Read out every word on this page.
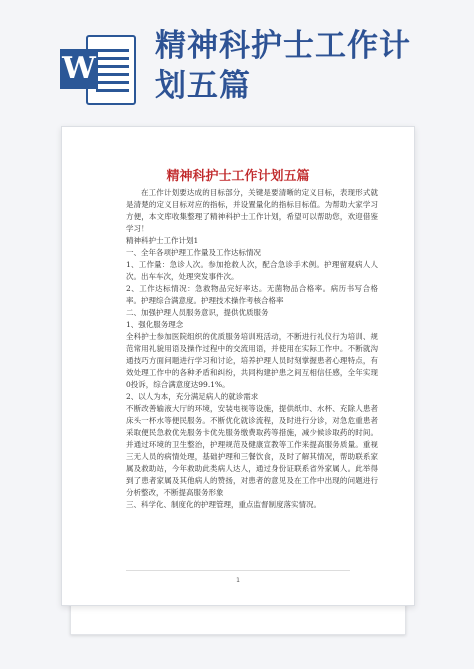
W
精神科护士工作计
划五篇
精神科护士工作计划五篇

在工作计划要达成的目标部分，关键是要清晰的定义目标，表现形式就是清楚的定义目标对应的指标，并设置量化的指标目标值。为帮助大家学习方便，本文库收集整理了精神科护士工作计划，希望可以帮助您，欢迎借鉴学习！

精神科护士工作计划1

一、全年各项护理工作量及工作达标情况

1、工作量：急诊人次。参加抢救人次，配合急诊手术例。护理留观病人人次。出车车次，处理突发事件次。

2、工作达标情况：急救物品完好率达。无菌物品合格率。病历书写合格率。护理综合满意度。护理技术操作考核合格率

二、加强护理人员服务意识，提供优质服务

1、强化服务理念

全科护士参加医院组织的优质服务培训班活动，不断进行礼仪行为培训、规范常用礼貌用语及操作过程中的交流用语，并使用在实际工作中。不断就沟通技巧方面问题进行学习和讨论，培养护理人员时刻掌握患者心理特点，有效处理工作中的各种矛盾和纠纷，共同构建护患之间互相信任感，全年实现0投诉，综合满意度达99.1%。

2、以人为本，充分满足病人的就诊需求

不断改善输液大厅的环境，安装电视等设施，提供纸巾、水杯、充除人患者床头一杯水等便民服务。不断优化就诊流程，及时进行分诊，对急危重患者采取便民急救优先服务卡优先服务缴费取药等措施，减少候诊取药的时间。并通过环境的卫生整治，护理规范及健康宣教等工作来提高服务质量。重视三无人员的病情处理，基础护理和三餐饮食，及时了解其情况，帮助联系家属及救助站，今年救助此类病人达人，通过身份证联系省外家属人。此举得到了患者家属及其他病人的赞扬，对患者的意见及在工作中出现的问题进行分析整改，不断提高服务形象

三、科学化、制度化的护理管理，重点监督制度落实情况。

1
